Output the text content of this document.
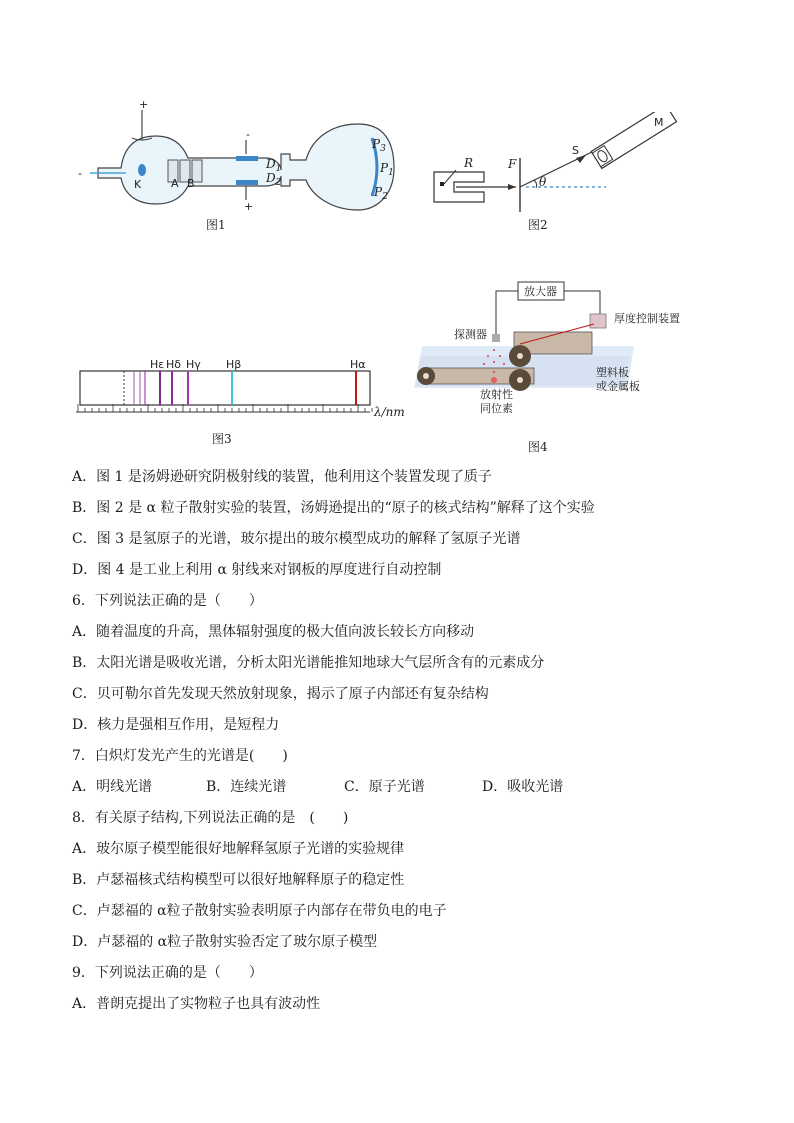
+
-
K	A B
-
+
$D_1$
$D_2$
$P_3$
$P_1$
$P_2$
图1
R	F
S
M
θ
图2
Hε Hδ Hγ Hβ	Hα
λ/nm
图3
放大器
厚度控制装置
探测器
塑料板
或金属板
放射性
同位素
图4
A．图 1 是汤姆逊研究阴极射线的装置，他利用这个装置发现了质子
B．图 2 是 α 粒子散射实验的装置，汤姆逊提出的“原子的核式结构”解释了这个实验
C．图 3 是氢原子的光谱，玻尔提出的玻尔模型成功的解释了氢原子光谱
D．图 4 是工业上利用 α 射线来对钢板的厚度进行自动控制
6．下列说法正确的是（　　）
A．随着温度的升高，黑体辐射强度的极大值向波长较长方向移动
B．太阳光谱是吸收光谱，分析太阳光谱能推知地球大气层所含有的元素成分
C．贝可勒尔首先发现天然放射现象，揭示了原子内部还有复杂结构
D．核力是强相互作用，是短程力
7．白炽灯发光产生的光谱是(　　)
A．明线光谱	B．连续光谱	C．原子光谱	D．吸收光谱
8．有关原子结构,下列说法正确的是　(　　)
A．玻尔原子模型能很好地解释氢原子光谱的实验规律
B．卢瑟福核式结构模型可以很好地解释原子的稳定性
C．卢瑟福的 α粒子散射实验表明原子内部存在带负电的电子
D．卢瑟福的 α粒子散射实验否定了玻尔原子模型
9．下列说法正确的是（　　）
A．普朗克提出了实物粒子也具有波动性
